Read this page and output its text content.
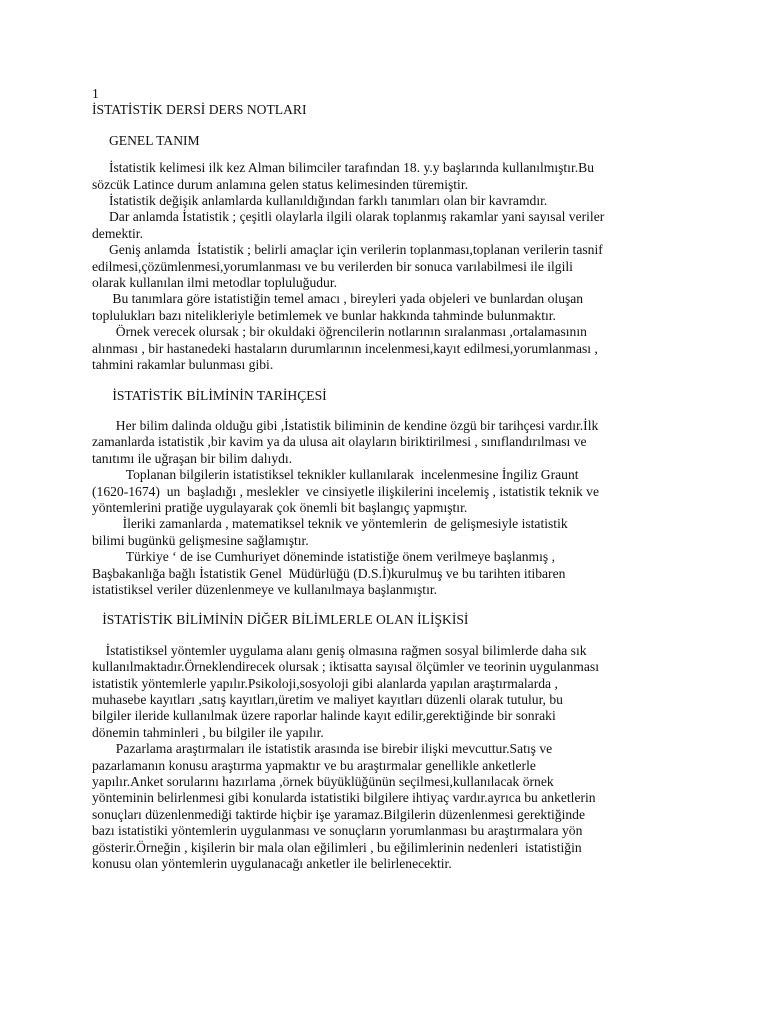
1
İSTATİSTİK DERSİ DERS NOTLARI
GENEL TANIM
İstatistik kelimesi ilk kez Alman bilimciler tarafından 18. y.y başlarında kullanılmıştır.Bu
sözcük Latince durum anlamına gelen status kelimesinden türemiştir.
İstatistik değişik anlamlarda kullanıldığından farklı tanımları olan bir kavramdır.
Dar anlamda İstatistik ; çeşitli olaylarla ilgili olarak toplanmış rakamlar yani sayısal veriler
demektir.
Geniş anlamda  İstatistik ; belirli amaçlar için verilerin toplanması,toplanan verilerin tasnif
edilmesi,çözümlenmesi,yorumlanması ve bu verilerden bir sonuca varılabilmesi ile ilgili
olarak kullanılan ilmi metodlar topluluğudur.
Bu tanımlara göre istatistiğin temel amacı , bireyleri yada objeleri ve bunlardan oluşan
toplulukları bazı nitelikleriyle betimlemek ve bunlar hakkında tahminde bulunmaktır.
Örnek verecek olursak ; bir okuldaki öğrencilerin notlarının sıralanması ,ortalamasının
alınması , bir hastanedeki hastaların durumlarının incelenmesi,kayıt edilmesi,yorumlanması ,
tahmini rakamlar bulunması gibi.
İSTATİSTİK BİLİMİNİN TARİHÇESİ
Her bilim dalinda olduğu gibi ,İstatistik biliminin de kendine özgü bir tarihçesi vardır.İlk
zamanlarda istatistik ,bir kavim ya da ulusa ait olayların biriktirilmesi , sınıflandırılması ve
tanıtımı ile uğraşan bir bilim dalıydı.
Toplanan bilgilerin istatistiksel teknikler kullanılarak  incelenmesine İngiliz Graunt
(1620-1674)  un  başladığı , meslekler  ve cinsiyetle ilişkilerini incelemiş , istatistik teknik ve
yöntemlerini pratiğe uygulayarak çok önemli bit başlangıç yapmıştır.
İleriki zamanlarda , matematiksel teknik ve yöntemlerin  de gelişmesiyle istatistik
bilimi bugünkü gelişmesine sağlamıştır.
Türkiye ‘ de ise Cumhuriyet döneminde istatistiğe önem verilmeye başlanmış ,
Başbakanlığa bağlı İstatistik Genel  Müdürlüğü (D.S.İ)kurulmuş ve bu tarihten itibaren
istatistiksel veriler düzenlenmeye ve kullanılmaya başlanmıştır.
İSTATİSTİK BİLİMİNİN DİĞER BİLİMLERLE OLAN İLİŞKİSİ
İstatistiksel yöntemler uygulama alanı geniş olmasına rağmen sosyal bilimlerde daha sık
kullanılmaktadır.Örneklendirecek olursak ; iktisatta sayısal ölçümler ve teorinin uygulanması
istatistik yöntemlerle yapılır.Psikoloji,sosyoloji gibi alanlarda yapılan araştırmalarda ,
muhasebe kayıtları ,satış kayıtları,üretim ve maliyet kayıtları düzenli olarak tutulur, bu
bilgiler ileride kullanılmak üzere raporlar halinde kayıt edilir,gerektiğinde bir sonraki
dönemin tahminleri , bu bilgiler ile yapılır.
Pazarlama araştırmaları ile istatistik arasında ise birebir ilişki mevcuttur.Satış ve
pazarlamanın konusu araştırma yapmaktır ve bu araştırmalar genellikle anketlerle
yapılır.Anket sorularını hazırlama ,örnek büyüklüğünün seçilmesi,kullanılacak örnek
yönteminin belirlenmesi gibi konularda istatistiki bilgilere ihtiyaç vardır.ayrıca bu anketlerin
sonuçları düzenlenmediği taktirde hiçbir işe yaramaz.Bilgilerin düzenlenmesi gerektiğinde
bazı istatistiki yöntemlerin uygulanması ve sonuçların yorumlanması bu araştırmalara yön
gösterir.Örneğin , kişilerin bir mala olan eğilimleri , bu eğilimlerinin nedenleri  istatistiğin
konusu olan yöntemlerin uygulanacağı anketler ile belirlenecektir.
